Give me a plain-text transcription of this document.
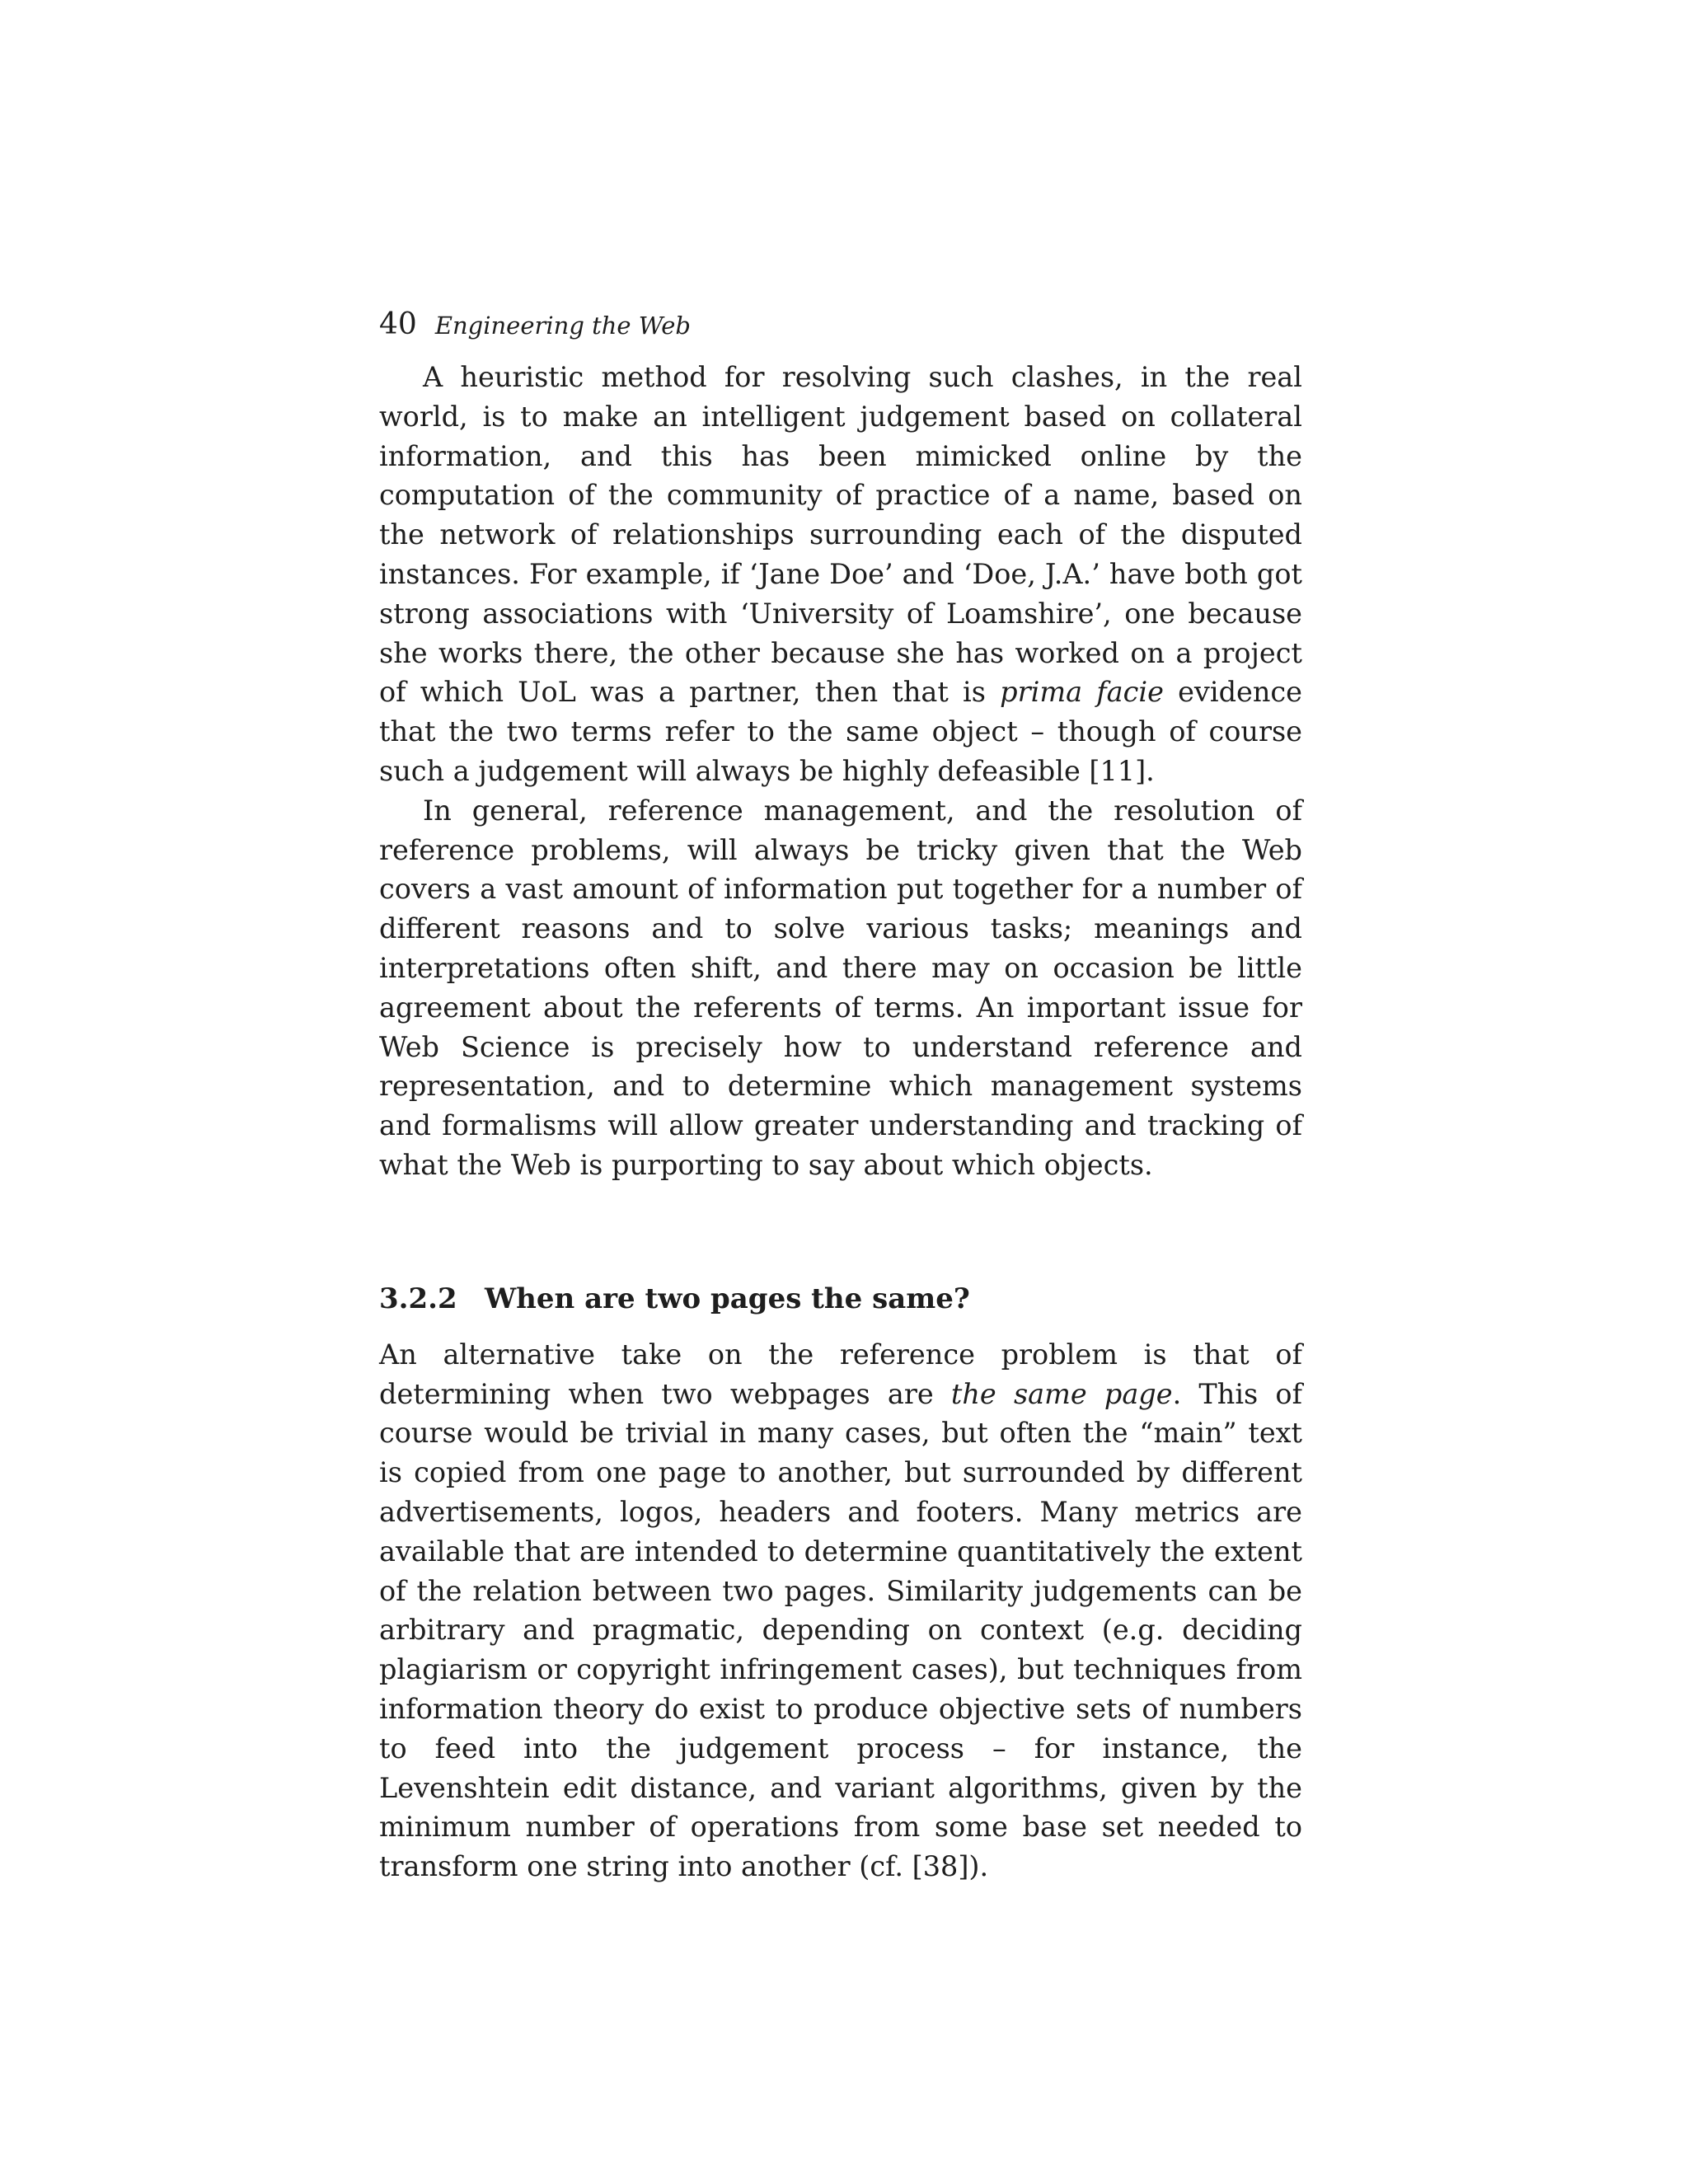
40 Engineering the Web

A heuristic method for resolving such clashes, in the real world, is to make an intelligent judgement based on collateral information, and this has been mimicked online by the computation of the community of practice of a name, based on the network of relationships surrounding each of the disputed instances. For example, if ‘Jane Doe’ and ‘Doe, J.A.’ have both got strong associations with ‘University of Loamshire’, one because she works there, the other because she has worked on a project of which UoL was a partner, then that is prima facie evidence that the two terms refer to the same object – though of course such a judgement will always be highly defeasible [11].

In general, reference management, and the resolution of reference problems, will always be tricky given that the Web covers a vast amount of information put together for a number of different reasons and to solve various tasks; meanings and interpretations often shift, and there may on occasion be little agreement about the referents of terms. An important issue for Web Science is precisely how to understand reference and representation, and to determine which management systems and formalisms will allow greater understanding and tracking of what the Web is purporting to say about which objects.

3.2.2 When are two pages the same?

An alternative take on the reference problem is that of determining when two webpages are the same page. This of course would be trivial in many cases, but often the “main” text is copied from one page to another, but surrounded by different advertisements, logos, headers and footers. Many metrics are available that are intended to determine quantitatively the extent of the relation between two pages. Similarity judgements can be arbitrary and pragmatic, depending on context (e.g. deciding plagiarism or copyright infringement cases), but techniques from information theory do exist to produce objective sets of numbers to feed into the judgement process – for instance, the Levenshtein edit distance, and variant algorithms, given by the minimum number of operations from some base set needed to transform one string into another (cf. [38]).
